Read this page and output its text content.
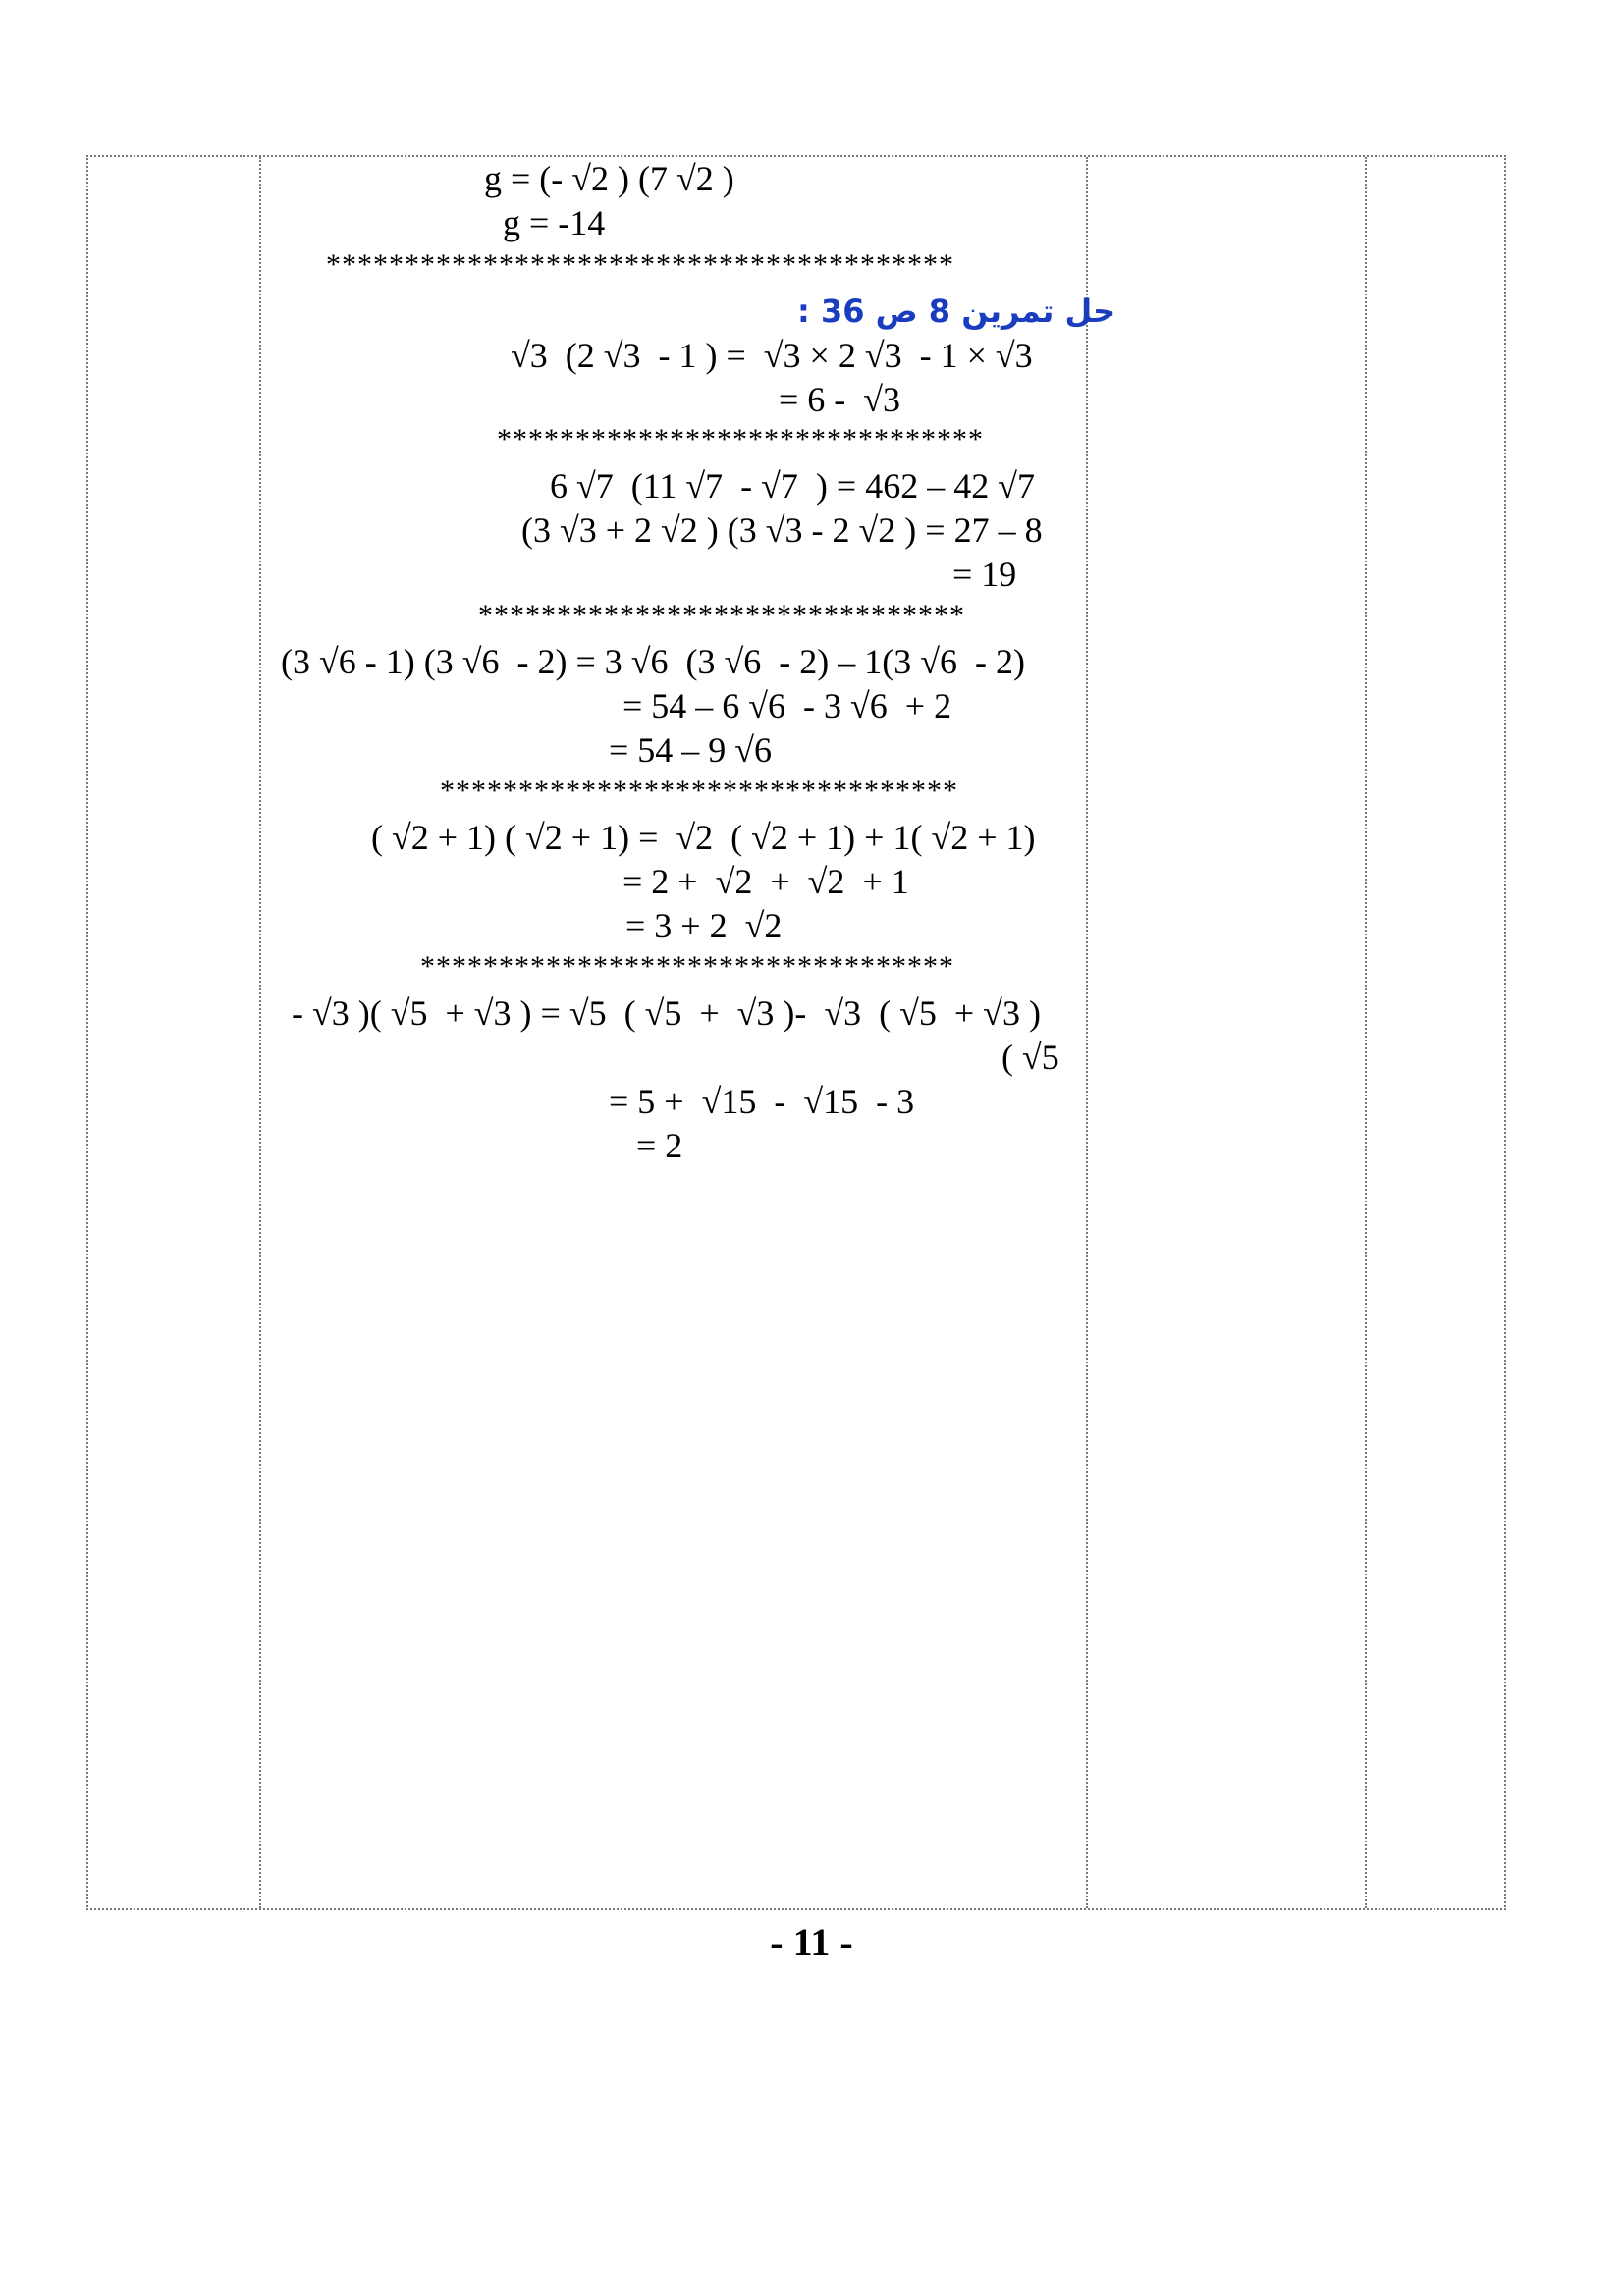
g = (- √2 ) (7 √2 )
g = -14
****************************************
حل تمرين 8 ص 36 :
√3  (2 √3  - 1 ) =  √3 × 2 √3  - 1 × √3
= 6 -  √3
*******************************
6 √7  (11 √7  - √7  ) = 462 – 42 √7
(3 √3 + 2 √2 ) (3 √3 - 2 √2 ) = 27 – 8
= 19
*******************************
(3 √6 - 1) (3 √6  - 2) = 3 √6  (3 √6  - 2) – 1(3 √6  - 2)
= 54 – 6 √6  - 3 √6  + 2
= 54 – 9 √6
*********************************
( √2 + 1) ( √2 + 1) =  √2  ( √2 + 1) + 1( √2 + 1)
= 2 +  √2  +  √2  + 1
= 3 + 2  √2
**********************************
- √3 )( √5  + √3 ) = √5  ( √5  +  √3 )-  √3  ( √5  + √3 )
( √5
= 5 +  √15  -  √15  - 3
= 2
- 11 -
